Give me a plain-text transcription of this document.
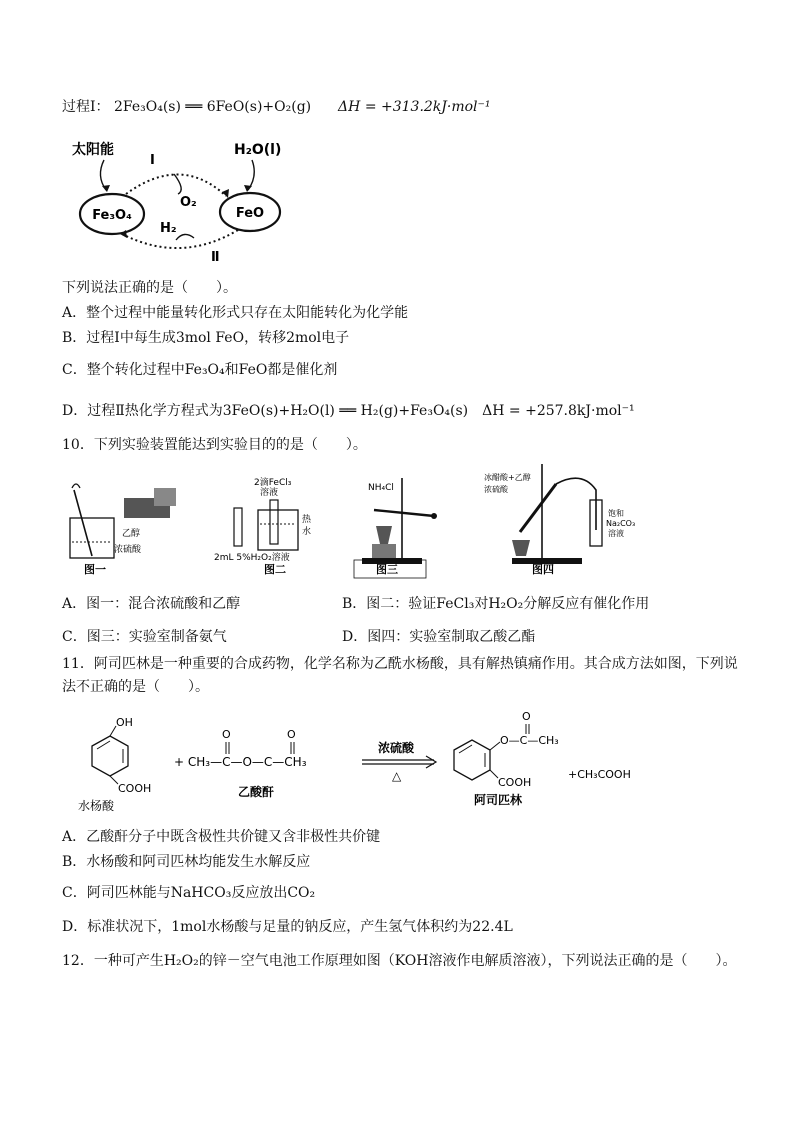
过程Ⅰ： 2Fe₃O₄(s) ══ 6FeO(s)+O₂(g) ΔH = +313.2kJ·mol⁻¹
太阳能	H₂O(l)
Fe₃O₄	FeO
Ⅰ
Ⅱ
O₂
H₂
下列说法正确的是（　　）。
A．整个过程中能量转化形式只存在太阳能转化为化学能
B．过程Ⅰ中每生成3mol FeO，转移2mol电子
C．整个转化过程中Fe₃O₄和FeO都是催化剂
D．过程Ⅱ热化学方程式为3FeO(s)+H₂O(l) ══ H₂(g)+Fe₃O₄(s)　ΔH = +257.8kJ·mol⁻¹
10．下列实验装置能达到实验目的的是（　　）。
乙醇
浓硫酸
图一
2滴FeCl₃
溶液
热
水
2mL 5%H₂O₂溶液
图二
NH₄Cl
图三
冰醋酸+乙醇
浓硫酸
饱和
Na₂CO₃
溶液
图四
A．图一：混合浓硫酸和乙醇	B．图二：验证FeCl₃对H₂O₂分解反应有催化作用
C．图三：实验室制备氨气	D．图四：实验室制取乙酸乙酯
11．阿司匹林是一种重要的合成药物，化学名称为乙酰水杨酸，具有解热镇痛作用。其合成方法如图，下列说
法不正确的是（　　）。
OH
COOH
水杨酸
+ CH₃—C—O—C—CH₃
O	O
乙酸酐
浓硫酸
△
O—C—CH₃
O
COOH
阿司匹林
+CH₃COOH
A．乙酸酐分子中既含极性共价键又含非极性共价键
B．水杨酸和阿司匹林均能发生水解反应
C．阿司匹林能与NaHCO₃反应放出CO₂
D．标准状况下，1mol水杨酸与足量的钠反应，产生氢气体积约为22.4L
12．一种可产生H₂O₂的锌－空气电池工作原理如图（KOH溶液作电解质溶液），下列说法正确的是（　　）。
